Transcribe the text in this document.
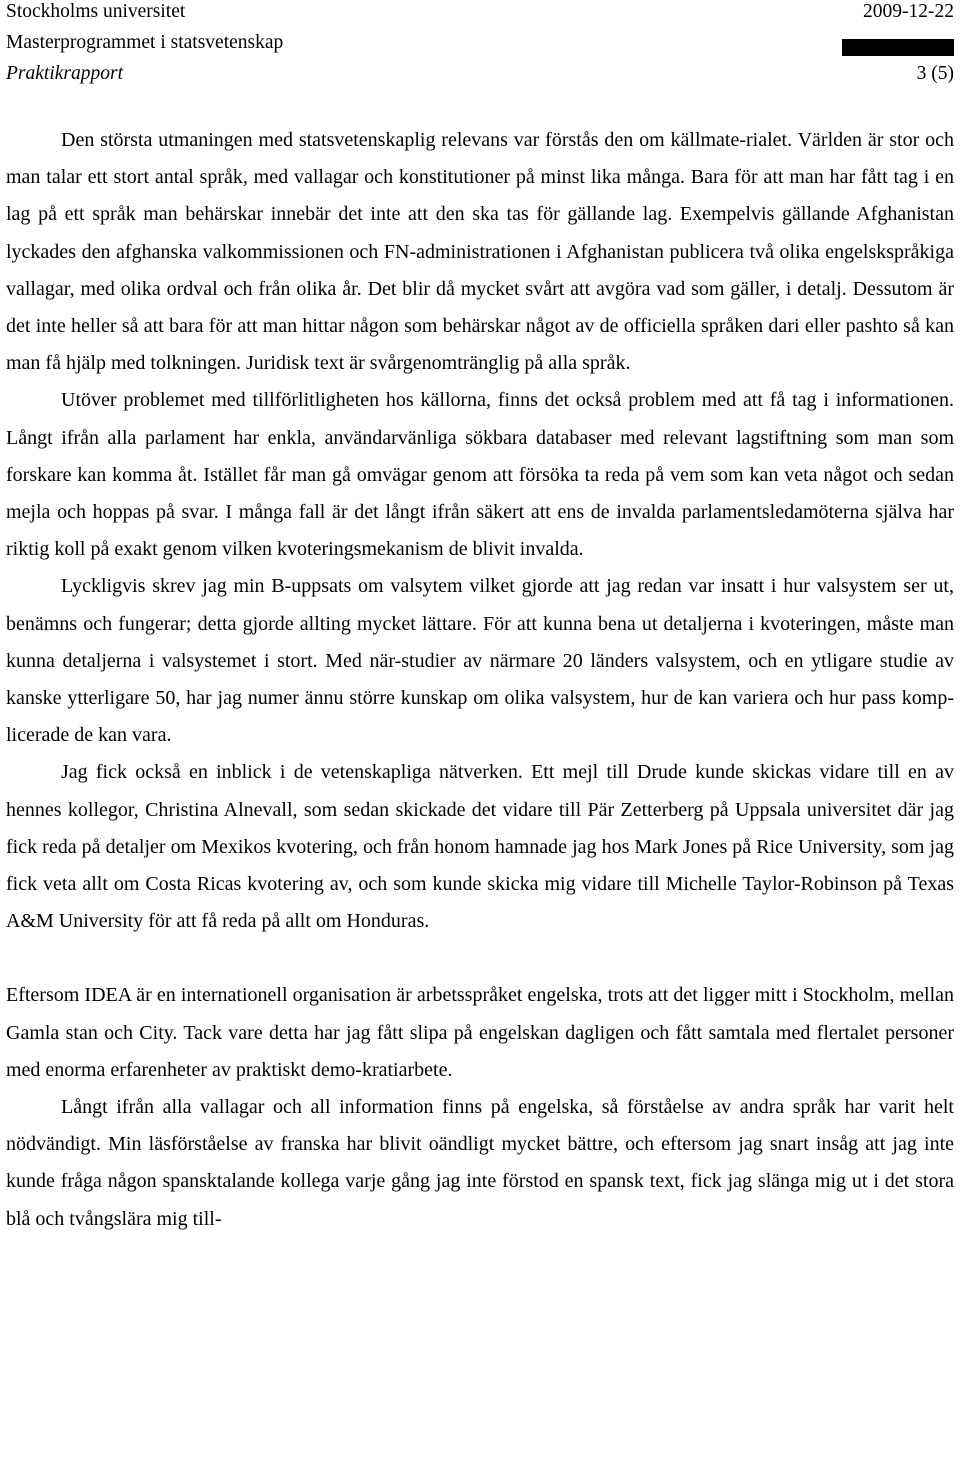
Stockholms universitet	2009-12-22
Masterprogrammet i statsvetenskap
Praktikrapport	3 (5)

Den största utmaningen med statsvetenskaplig relevans var förstås den om källmate-rialet. Världen är stor och man talar ett stort antal språk, med vallagar och konstitutioner på minst lika många. Bara för att man har fått tag i en lag på ett språk man behärskar innebär det inte att den ska tas för gällande lag. Exempelvis gällande Afghanistan lyckades den afghanska valkommissionen och FN-administrationen i Afghanistan publicera två olika engelskspråkiga vallagar, med olika ordval och från olika år. Det blir då mycket svårt att avgöra vad som gäller, i detalj. Dessutom är det inte heller så att bara för att man hittar någon som behärskar något av de officiella språken dari eller pashto så kan man få hjälp med tolkningen. Juridisk text är svårgenomtränglig på alla språk.

Utöver problemet med tillförlitligheten hos källorna, finns det också problem med att få tag i informationen. Långt ifrån alla parlament har enkla, användarvänliga sökbara databaser med relevant lagstiftning som man som forskare kan komma åt. Istället får man gå omvägar genom att försöka ta reda på vem som kan veta något och sedan mejla och hoppas på svar. I många fall är det långt ifrån säkert att ens de invalda parlamentsledamöterna själva har riktig koll på exakt genom vilken kvoteringsmekanism de blivit invalda.

Lyckligvis skrev jag min B-uppsats om valsytem vilket gjorde att jag redan var insatt i hur valsystem ser ut, benämns och fungerar; detta gjorde allting mycket lättare. För att kunna bena ut detaljerna i kvoteringen, måste man kunna detaljerna i valsystemet i stort. Med när-studier av närmare 20 länders valsystem, och en ytligare studie av kanske ytterligare 50, har jag numer ännu större kunskap om olika valsystem, hur de kan variera och hur pass komp-licerade de kan vara.

Jag fick också en inblick i de vetenskapliga nätverken. Ett mejl till Drude kunde skickas vidare till en av hennes kollegor, Christina Alnevall, som sedan skickade det vidare till Pär Zetterberg på Uppsala universitet där jag fick reda på detaljer om Mexikos kvotering, och från honom hamnade jag hos Mark Jones på Rice University, som jag fick veta allt om Costa Ricas kvotering av, och som kunde skicka mig vidare till Michelle Taylor-Robinson på Texas A&M University för att få reda på allt om Honduras.

Eftersom IDEA är en internationell organisation är arbetsspråket engelska, trots att det ligger mitt i Stockholm, mellan Gamla stan och City. Tack vare detta har jag fått slipa på engelskan dagligen och fått samtala med flertalet personer med enorma erfarenheter av praktiskt demo-kratiarbete.

Långt ifrån alla vallagar och all information finns på engelska, så förståelse av andra språk har varit helt nödvändigt. Min läsförståelse av franska har blivit oändligt mycket bättre, och eftersom jag snart insåg att jag inte kunde fråga någon spansktalande kollega varje gång jag inte förstod en spansk text, fick jag slänga mig ut i det stora blå och tvångslära mig till-
